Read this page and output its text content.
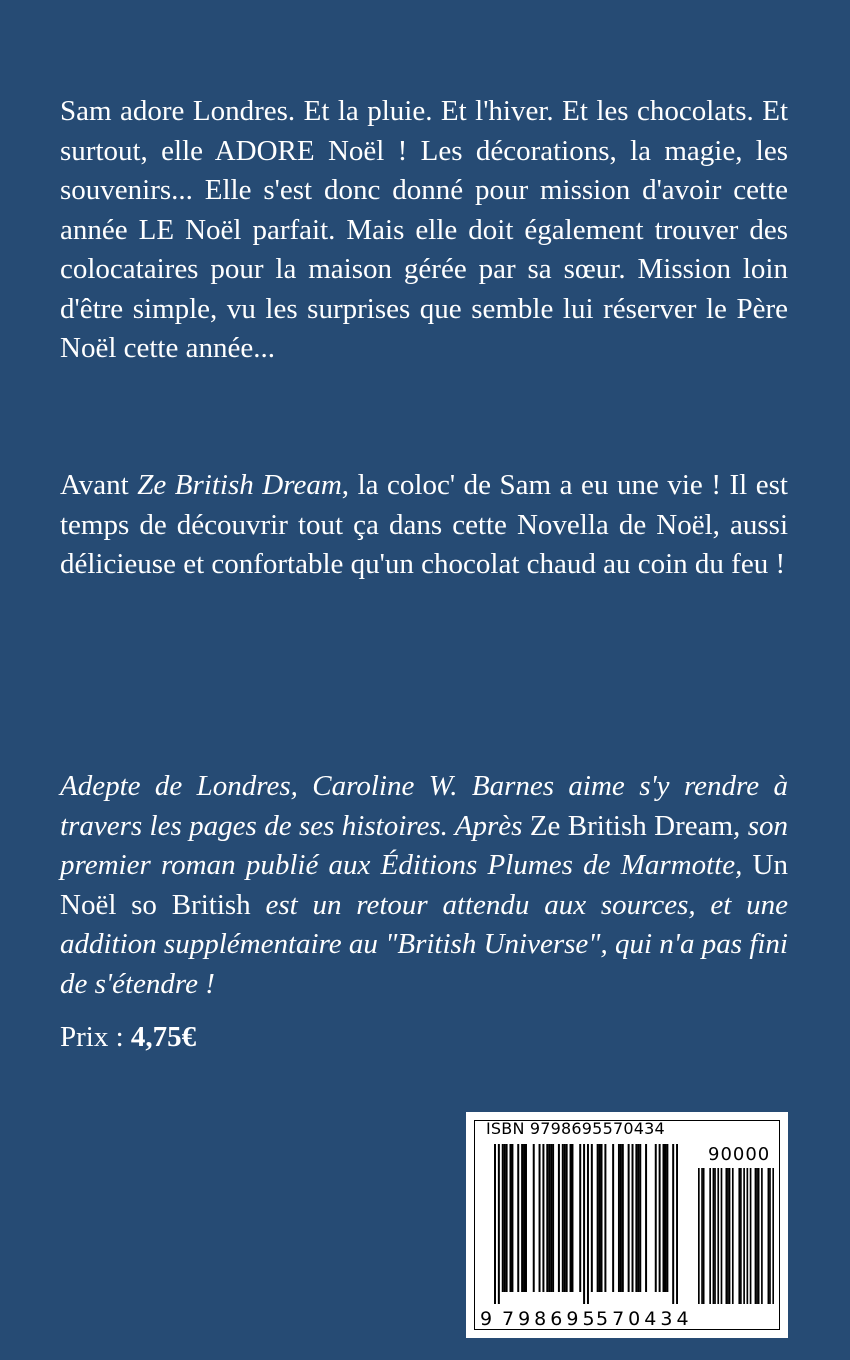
Sam adore Londres. Et la pluie. Et l'hiver. Et les chocolats. Et surtout, elle ADORE Noël ! Les décorations, la magie, les souvenirs... Elle s'est donc donné pour mission d'avoir cette année LE Noël parfait. Mais elle doit également trouver des colocataires pour la maison gérée par sa sœur. Mission loin d'être simple, vu les surprises que semble lui réserver le Père Noël cette année...

Avant Ze British Dream, la coloc' de Sam a eu une vie ! Il est temps de découvrir tout ça dans cette Novella de Noël, aussi délicieuse et confortable qu'un chocolat chaud au coin du feu !

Adepte de Londres, Caroline W. Barnes aime s'y rendre à travers les pages de ses histoires. Après Ze British Dream, son premier roman publié aux Éditions Plumes de Marmotte, Un Noël so British est un retour attendu aux sources, et une addition supplémentaire au "British Universe", qui n'a pas fini de s'étendre !

Prix : 4,75€

ISBN 9798695570434
90000
9 798695
570434
